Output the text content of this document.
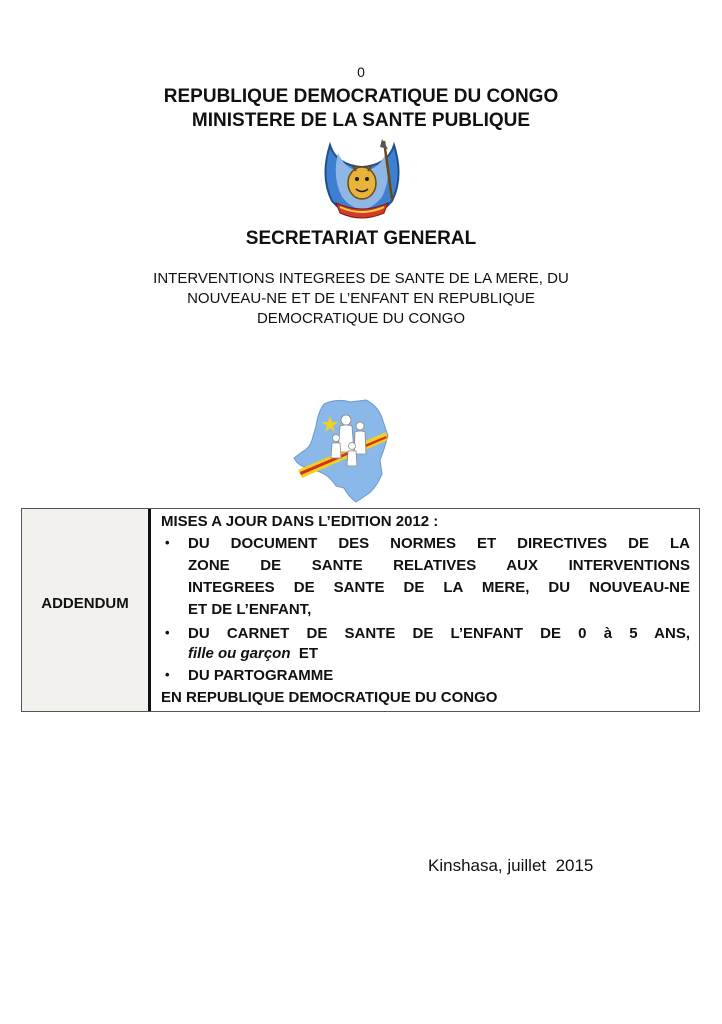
0
REPUBLIQUE DEMOCRATIQUE DU CONGO
MINISTERE DE LA SANTE PUBLIQUE
SECRETARIAT GENERAL
INTERVENTIONS INTEGREES DE SANTE DE LA MERE, DU
NOUVEAU-NE ET DE L’ENFANT EN REPUBLIQUE
DEMOCRATIQUE DU CONGO
ADDENDUM
MISES A JOUR DANS L’EDITION 2012 :
• DU DOCUMENT DES NORMES ET DIRECTIVES DE LA
ZONE DE SANTE RELATIVES AUX INTERVENTIONS
INTEGREES DE SANTE DE LA MERE, DU NOUVEAU-NE
ET DE L’ENFANT,
• DU CARNET DE SANTE DE L’ENFANT DE 0 à 5 ANS,
fille ou garçon ET
• DU PARTOGRAMME
EN REPUBLIQUE DEMOCRATIQUE DU CONGO
Kinshasa, juillet  2015
